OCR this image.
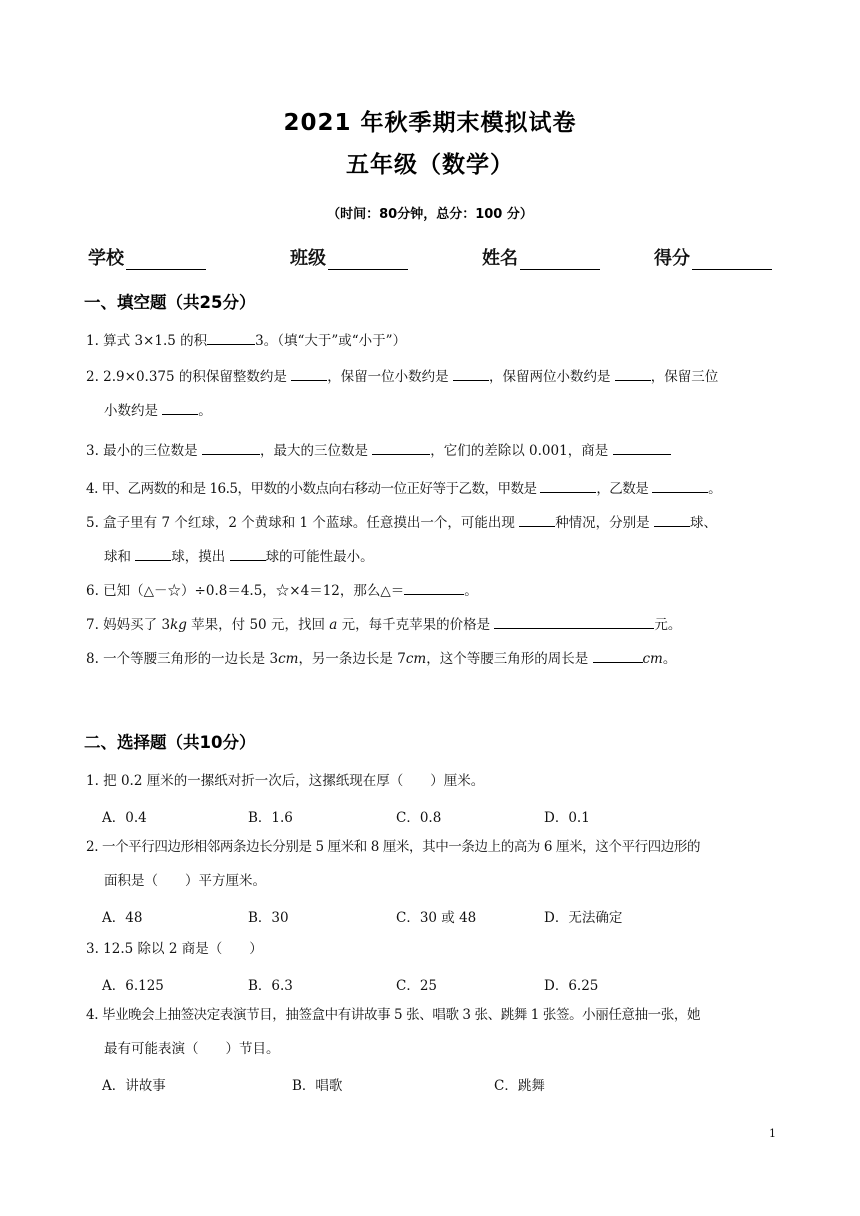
2021 年秋季期末模拟试卷
五年级（数学）
（时间：80分钟，总分：100 分）
学校	班级	姓名	得分
一、填空题（共25分）
1. 算式 3×1.5 的积	3。（填“大于”或“小于”）
2. 2.9×0.375 的积保留整数约是	，保留一位小数约是	，保留两位小数约是	，保留三位
小数约是	。
3. 最小的三位数是	，最大的三位数是	，它们的差除以 0.001，商是
4. 甲、乙两数的和是 16.5，甲数的小数点向右移动一位正好等于乙数，甲数是	，乙数是	。
5. 盒子里有 7 个红球，2 个黄球和 1 个蓝球。任意摸出一个，可能出现	种情况，分别是	球、
球和	球，摸出	球的可能性最小。
6. 已知（△－☆）÷0.8＝4.5，☆×4＝12，那么△＝	。
7. 妈妈买了 3kg 苹果，付 50 元，找回 a 元，每千克苹果的价格是	元。
8. 一个等腰三角形的一边长是 3cm，另一条边长是 7cm，这个等腰三角形的周长是	cm。
二、选择题（共10分）
1. 把 0.2 厘米的一摞纸对折一次后，这摞纸现在厚（　　）厘米。
A．0.4	B．1.6	C．0.8	D．0.1
2. 一个平行四边形相邻两条边长分别是 5 厘米和 8 厘米，其中一条边上的高为 6 厘米，这个平行四边形的
面积是（　　）平方厘米。
A．48	B．30	C．30 或 48	D．无法确定
3. 12.5 除以 2 商是（　　）
A．6.125	B．6.3	C．25	D．6.25
4. 毕业晚会上抽签决定表演节目，抽签盒中有讲故事 5 张、唱歌 3 张、跳舞 1 张签。小丽任意抽一张，她
最有可能表演（　　）节目。
A．讲故事	B．唱歌	C．跳舞
1
